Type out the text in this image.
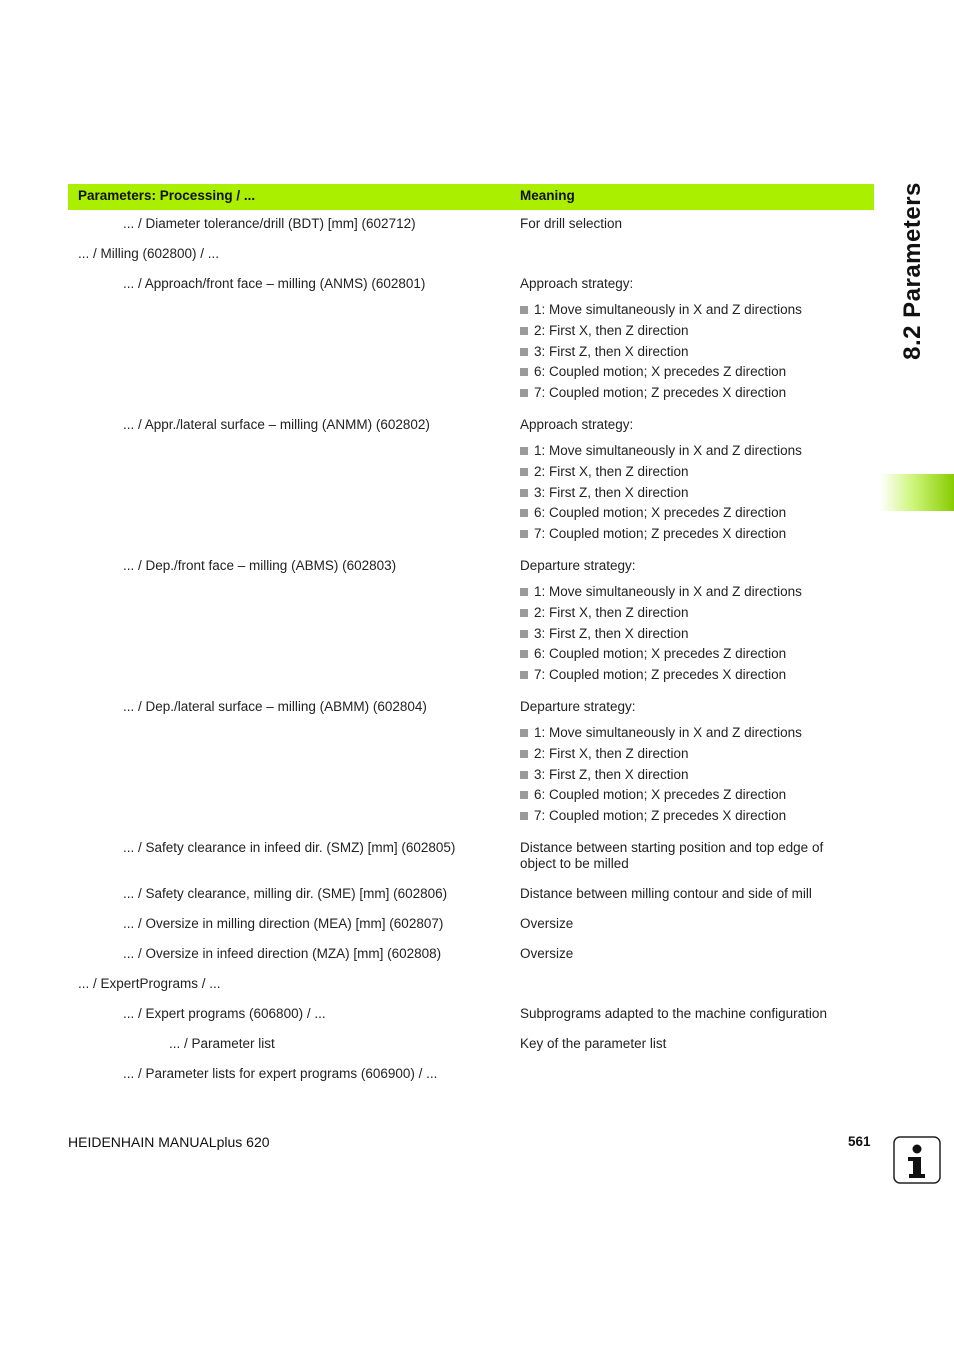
Parameters: Processing / ...	Meaning
... / Diameter tolerance/drill (BDT) [mm] (602712)	For drill selection
... / Milling (602800) / ...

... / Approach/front face – milling (ANMS) (602801)	Approach strategy:
1: Move simultaneously in X and Z directions
2: First X, then Z direction
3: First Z, then X direction
6: Coupled motion; X precedes Z direction
7: Coupled motion; Z precedes X direction
... / Appr./lateral surface – milling (ANMM) (602802)	Approach strategy:
1: Move simultaneously in X and Z directions
2: First X, then Z direction
3: First Z, then X direction
6: Coupled motion; X precedes Z direction
7: Coupled motion; Z precedes X direction
... / Dep./front face – milling (ABMS) (602803)	Departure strategy:
1: Move simultaneously in X and Z directions
2: First X, then Z direction
3: First Z, then X direction
6: Coupled motion; X precedes Z direction
7: Coupled motion; Z precedes X direction
... / Dep./lateral surface – milling (ABMM) (602804)	Departure strategy:
1: Move simultaneously in X and Z directions
2: First X, then Z direction
3: First Z, then X direction
6: Coupled motion; X precedes Z direction
7: Coupled motion; Z precedes X direction
... / Safety clearance in infeed dir. (SMZ) [mm] (602805)	Distance between starting position and top edge of
object to be milled
... / Safety clearance, milling dir. (SME) [mm] (602806)	Distance between milling contour and side of mill
... / Oversize in milling direction (MEA) [mm] (602807)	Oversize
... / Oversize in infeed direction (MZA) [mm] (602808)	Oversize
... / ExpertPrograms / ...

... / Expert programs (606800) / ...	Subprograms adapted to the machine configuration
... / Parameter list	Key of the parameter list
... / Parameter lists for expert programs (606900) / ...

8.2 Parameters
HEIDENHAIN MANUALplus 620	561
